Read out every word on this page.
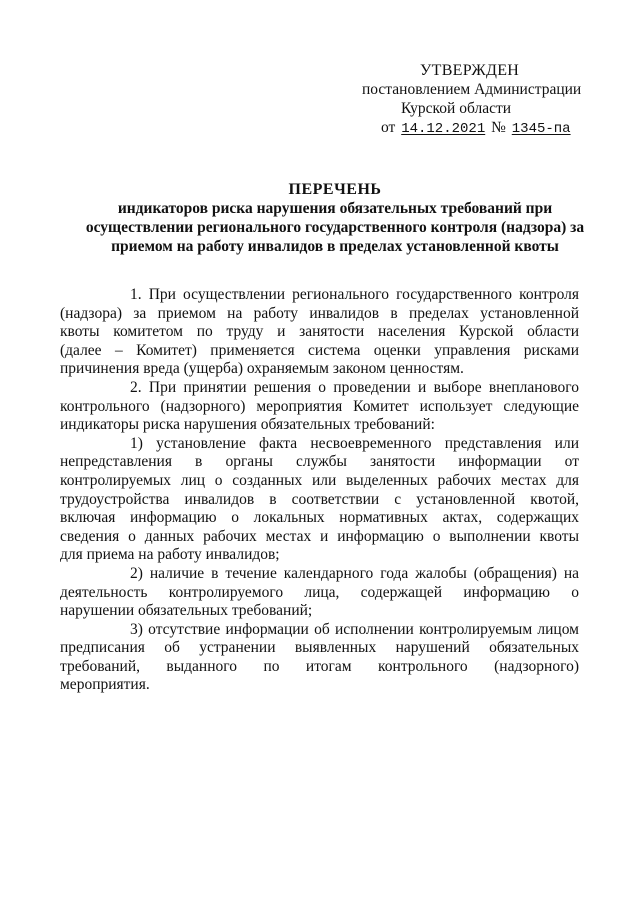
УТВЕРЖДЕН
постановлением Администрации
Курской области
от 14.12.2021 № 1345-па
ПЕРЕЧЕНЬ
индикаторов риска нарушения обязательных требований при
осуществлении регионального государственного контроля (надзора) за
приемом на работу инвалидов в пределах установленной квоты
1. При осуществлении регионального государственного контроля
(надзора) за приемом на работу инвалидов в пределах установленной
квоты комитетом по труду и занятости населения Курской области
(далее – Комитет) применяется система оценки управления рисками
причинения вреда (ущерба) охраняемым законом ценностям.
2. При принятии решения о проведении и выборе внепланового
контрольного (надзорного) мероприятия Комитет использует следующие
индикаторы риска нарушения обязательных требований:
1) установление факта несвоевременного представления или
непредставления в органы службы занятости информации от
контролируемых лиц о созданных или выделенных рабочих местах для
трудоустройства инвалидов в соответствии с установленной квотой,
включая информацию о локальных нормативных актах, содержащих
сведения о данных рабочих местах и информацию о выполнении квоты
для приема на работу инвалидов;
2) наличие в течение календарного года жалобы (обращения) на
деятельность контролируемого лица, содержащей информацию о
нарушении обязательных требований;
3) отсутствие информации об исполнении контролируемым лицом
предписания об устранении выявленных нарушений обязательных
требований, выданного по итогам контрольного (надзорного)
мероприятия.
